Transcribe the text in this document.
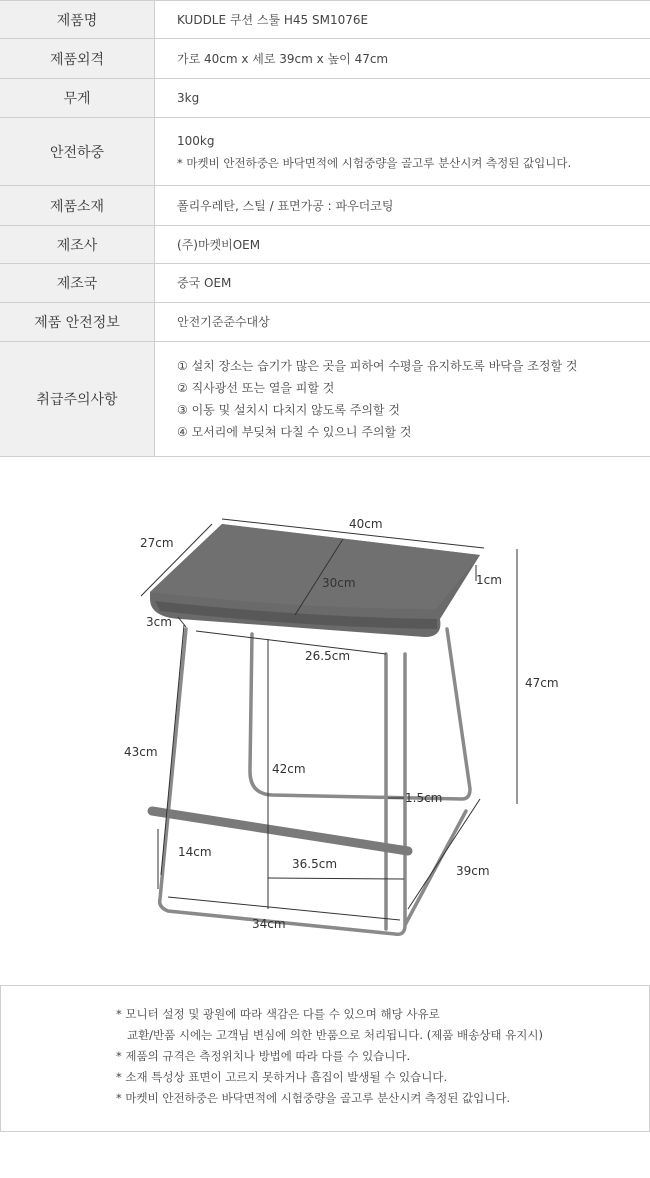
제품명	KUDDLE 쿠션 스툴 H45 SM1076E

제품외격	가로 40cm x 세로 39cm x 높이 47cm

무게	3kg

안전하중	100kg
* 마켓비 안전하중은 바닥면적에 시험중량을 골고루 분산시켜 측정된 값입니다.

제품소재	폴리우레탄, 스틸 / 표면가공 : 파우더코팅

제조사	(주)마켓비OEM

제조국	중국 OEM

제품 안전정보	안전기준준수대상

취급주의사항	① 설치 장소는 습기가 많은 곳을 피하여 수평을 유지하도록 바닥을 조정할 것
② 직사광선 또는 열을 피할 것
③ 이동 및 설치시 다치지 않도록 주의할 것
④ 모서리에 부딪쳐 다칠 수 있으니 주의할 것
40cm
27cm
30cm	1cm
3cm
26.5cm
47cm
43cm
42cm
1.5cm
14cm
36.5cm	39cm
34cm
* 모니터 설정 및 광원에 따라 색감은 다를 수 있으며 해당 사유로
교환/반품 시에는 고객님 변심에 의한 반품으로 처리됩니다. (제품 배송상태 유지시)
* 제품의 규격은 측정위치나 방법에 따라 다를 수 있습니다.
* 소재 특성상 표면이 고르지 못하거나 흠집이 발생될 수 있습니다.
* 마켓비 안전하중은 바닥면적에 시험중량을 골고루 분산시켜 측정된 값입니다.
